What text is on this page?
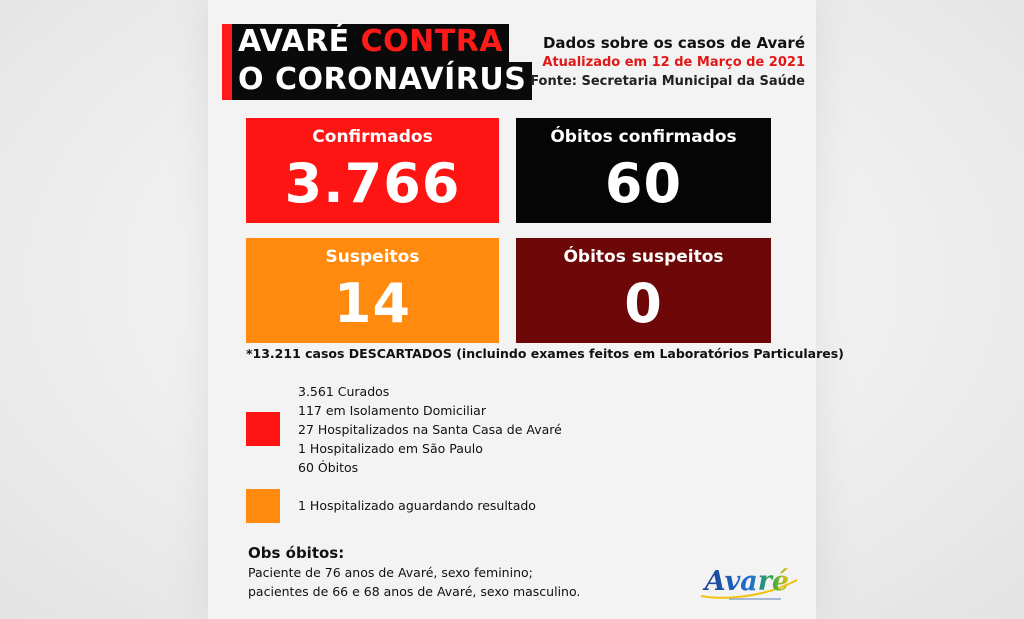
AVARÉ CONTRA
O CORONAVÍRUS
Dados sobre os casos de Avaré
Atualizado em 12 de Março de 2021
Fonte: Secretaria Municipal da Saúde
Confirmados
3.766
Óbitos confirmados
60
Suspeitos
14
Óbitos suspeitos
0
*13.211 casos DESCARTADOS (incluindo exames feitos em Laboratórios Particulares)
3.561 Curados
117 em Isolamento Domiciliar
27 Hospitalizados na Santa Casa de Avaré
1 Hospitalizado em São Paulo
60 Óbitos
1 Hospitalizado aguardando resultado
Obs óbitos:
Paciente de 76 anos de Avaré, sexo feminino;
pacientes de 66 e 68 anos de Avaré, sexo masculino.	Avaré
